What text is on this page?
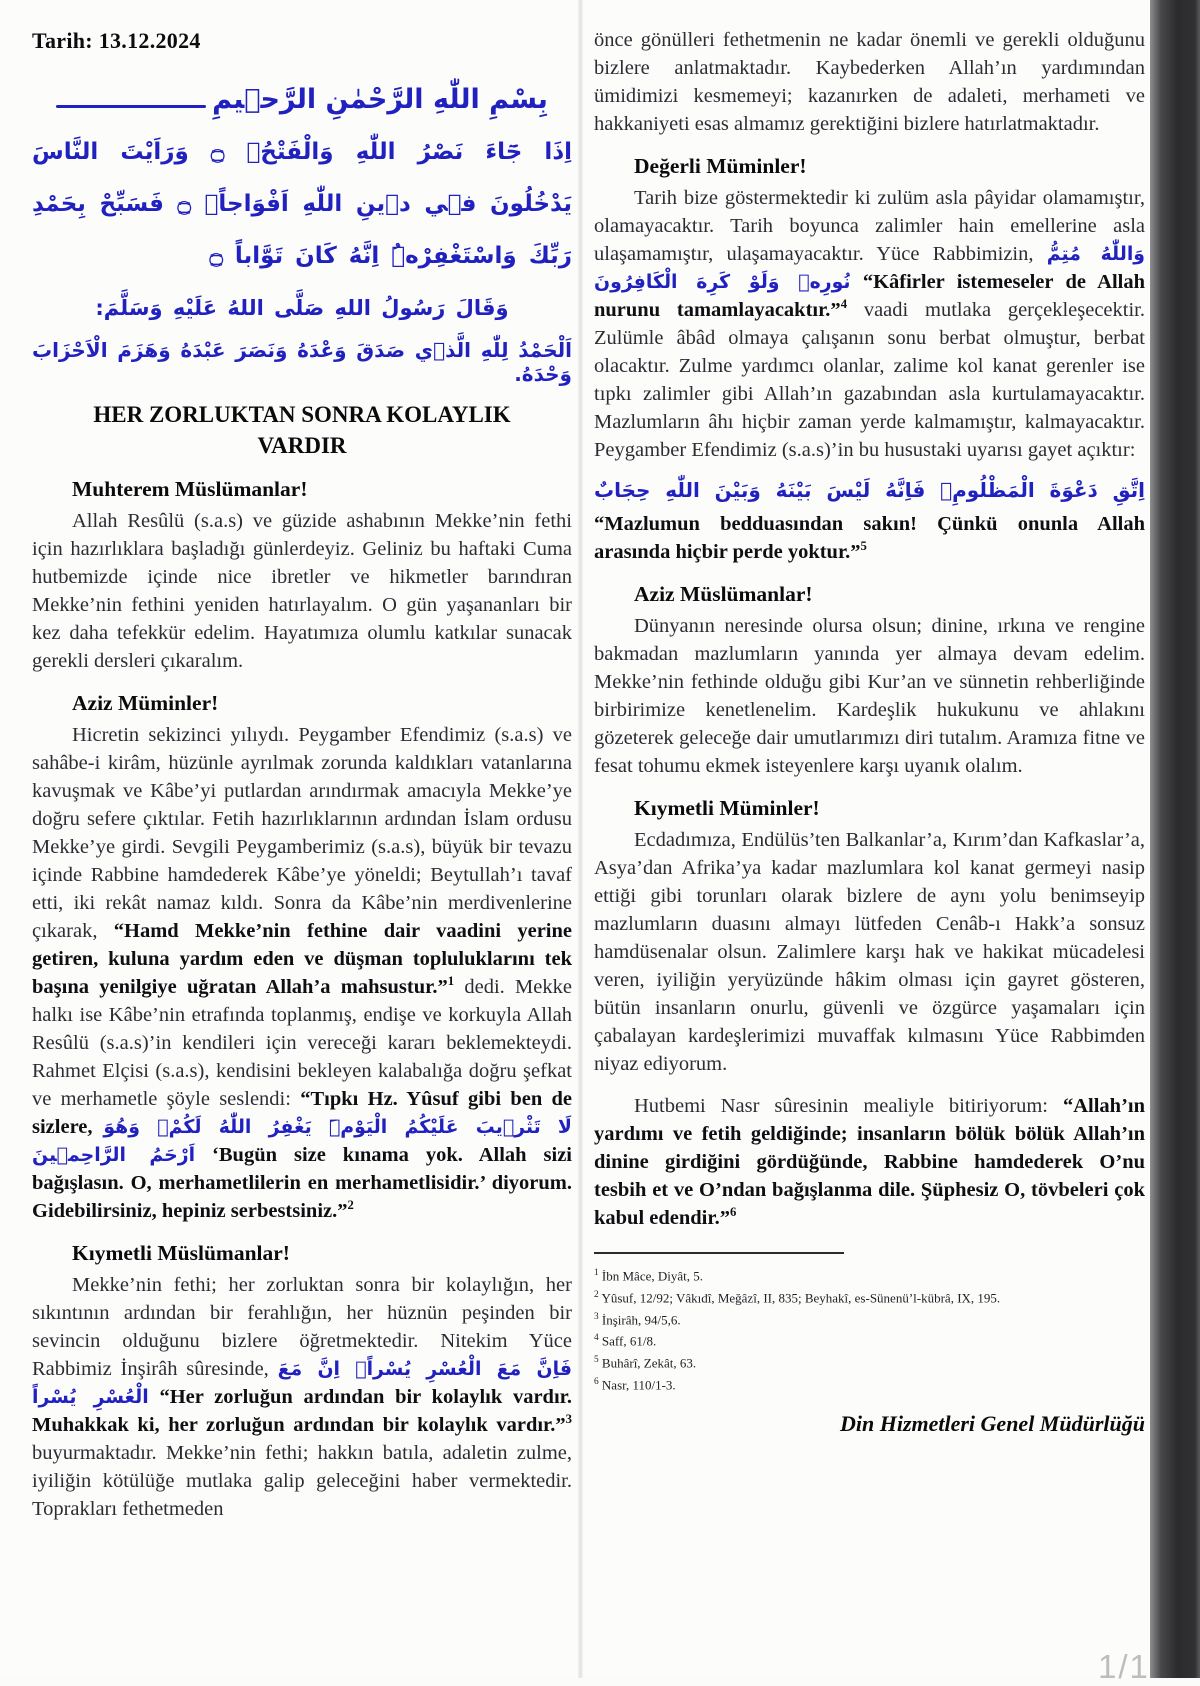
Tarih: 13.12.2024
بِسْمِ اللّٰهِ الرَّحْمٰنِ الرَّح۪يمِ
اِذَا جَٓاءَ نَصْرُ اللّٰهِ وَالْفَتْحُۙ ۝ وَرَاَيْتَ النَّاسَ يَدْخُلُونَ ف۪ي د۪ينِ اللّٰهِ اَفْوَاجاًۙ ۝ فَسَبِّحْ بِحَمْدِ رَبِّكَ وَاسْتَغْفِرْهُۜ اِنَّهُ كَانَ تَوَّاباً ۝
وَقَالَ رَسُولُ اللهِ صَلَّى اللهُ عَلَيْهِ وَسَلَّمَ:
اَلْحَمْدُ لِلّٰهِ الَّذ۪ي صَدَقَ وَعْدَهُ وَنَصَرَ عَبْدَهُ وَهَزَمَ الْاَحْزَابَ وَحْدَهُ.
HER ZORLUKTAN SONRA KOLAYLIK VARDIR
Muhterem Müslümanlar!

Allah Resûlü (s.a.s) ve güzide ashabının Mekke’nin fethi için hazırlıklara başladığı günlerdeyiz. Geliniz bu haftaki Cuma hutbemizde içinde nice ibretler ve hikmetler barındıran Mekke’nin fethini yeniden hatırlayalım. O gün yaşananları bir kez daha tefekkür edelim. Hayatımıza olumlu katkılar sunacak gerekli dersleri çıkaralım.

Aziz Müminler!

Hicretin sekizinci yılıydı. Peygamber Efendimiz (s.a.s) ve sahâbe-i kirâm, hüzünle ayrılmak zorunda kaldıkları vatanlarına kavuşmak ve Kâbe’yi putlardan arındırmak amacıyla Mekke’ye doğru sefere çıktılar. Fetih hazırlıklarının ardından İslam ordusu Mekke’ye girdi. Sevgili Peygamberimiz (s.a.s), büyük bir tevazu içinde Rabbine hamdederek Kâbe’ye yöneldi; Beytullah’ı tavaf etti, iki rekât namaz kıldı. Sonra da Kâbe’nin merdivenlerine çıkarak, “Hamd Mekke’nin fethine dair vaadini yerine getiren, kuluna yardım eden ve düşman topluluklarını tek başına yenilgiye uğratan Allah’a mahsustur.”$^1$ dedi. Mekke halkı ise Kâbe’nin etrafında toplanmış, endişe ve korkuyla Allah Resûlü (s.a.s)’in kendileri için vereceği kararı beklemekteydi. Rahmet Elçisi (s.a.s), kendisini bekleyen kalabalığa doğru şefkat ve merhametle şöyle seslendi: “Tıpkı Hz. Yûsuf gibi ben de sizlere, لَا تَثْر۪يبَ عَلَيْكُمُ الْيَوْمَۜ يَغْفِرُ اللّٰهُ لَكُمْۘ وَهُوَ اَرْحَمُ الرَّاحِم۪ينَ ‘Bugün size kınama yok. Allah sizi bağışlasın. O, merhametlilerin en merhametlisidir.’ diyorum. Gidebilirsiniz, hepiniz serbestsiniz.”$^2$

Kıymetli Müslümanlar!

Mekke’nin fethi; her zorluktan sonra bir kolaylığın, her sıkıntının ardından bir ferahlığın, her hüznün peşinden bir sevincin olduğunu bizlere öğretmektedir. Nitekim Yüce Rabbimiz İnşirâh sûresinde, فَاِنَّ مَعَ الْعُسْرِ يُسْراًۙ اِنَّ مَعَ الْعُسْرِ يُسْراً “Her zorluğun ardından bir kolaylık vardır. Muhakkak ki, her zorluğun ardından bir kolaylık vardır.”$^3$ buyurmaktadır. Mekke’nin fethi; hakkın batıla, adaletin zulme, iyiliğin kötülüğe mutlaka galip geleceğini haber vermektedir. Toprakları fethetmeden

önce gönülleri fethetmenin ne kadar önemli ve gerekli olduğunu bizlere anlatmaktadır. Kaybederken Allah’ın yardımından ümidimizi kesmemeyi; kazanırken de adaleti, merhameti ve hakkaniyeti esas almamız gerektiğini bizlere hatırlatmaktadır.

Değerli Müminler!

Tarih bize göstermektedir ki zulüm asla pâyidar olamamıştır, olamayacaktır. Tarih boyunca zalimler hain emellerine asla ulaşamamıştır, ulaşamayacaktır. Yüce Rabbimizin, وَاللّٰهُ مُتِمُّ نُورِه۪ وَلَوْ كَرِهَ الْكَافِرُونَ “Kâfirler istemeseler de Allah nurunu tamamlayacaktır.”$^4$ vaadi mutlaka gerçekleşecektir. Zulümle âbâd olmaya çalışanın sonu berbat olmuştur, berbat olacaktır. Zulme yardımcı olanlar, zalime kol kanat gerenler ise tıpkı zalimler gibi Allah’ın gazabından asla kurtulamayacaktır. Mazlumların âhı hiçbir zaman yerde kalmamıştır, kalmayacaktır. Peygamber Efendimiz (s.a.s)’in bu husustaki uyarısı gayet açıktır:

اِتَّقِ دَعْوَةَ الْمَظْلُومِۙ فَاِنَّهُ لَيْسَ بَيْنَهُ وَبَيْنَ اللّٰهِ حِجَابٌ

“Mazlumun bedduasından sakın! Çünkü onunla Allah arasında hiçbir perde yoktur.”$^5$

Aziz Müslümanlar!

Dünyanın neresinde olursa olsun; dinine, ırkına ve rengine bakmadan mazlumların yanında yer almaya devam edelim. Mekke’nin fethinde olduğu gibi Kur’an ve sünnetin rehberliğinde birbirimize kenetlenelim. Kardeşlik hukukunu ve ahlakını gözeterek geleceğe dair umutlarımızı diri tutalım. Aramıza fitne ve fesat tohumu ekmek isteyenlere karşı uyanık olalım.

Kıymetli Müminler!

Ecdadımıza, Endülüs’ten Balkanlar’a, Kırım’dan Kafkaslar’a, Asya’dan Afrika’ya kadar mazlumlara kol kanat germeyi nasip ettiği gibi torunları olarak bizlere de aynı yolu benimseyip mazlumların duasını almayı lütfeden Cenâb-ı Hakk’a sonsuz hamdüsenalar olsun. Zalimlere karşı hak ve hakikat mücadelesi veren, iyiliğin yeryüzünde hâkim olması için gayret gösteren, bütün insanların onurlu, güvenli ve özgürce yaşamaları için çabalayan kardeşlerimizi muvaffak kılmasını Yüce Rabbimden niyaz ediyorum.

Hutbemi Nasr sûresinin mealiyle bitiriyorum: “Allah’ın yardımı ve fetih geldiğinde; insanların bölük bölük Allah’ın dinine girdiğini gördüğünde, Rabbine hamdederek O’nu tesbih et ve O’ndan bağışlanma dile. Şüphesiz O, tövbeleri çok kabul edendir.”$^6$

$^1$ İbn Mâce, Diyât, 5.
$^2$ Yûsuf, 12/92; Vâkıdî, Meğâzî, II, 835; Beyhakî, es-Sünenü’l-kübrâ, IX, 195.
$^3$ İnşirâh, 94/5,6.
$^4$ Saff, 61/8.
$^5$ Buhârî, Zekât, 63.
$^6$ Nasr, 110/1-3.
Din Hizmetleri Genel Müdürlüğü
1/1
